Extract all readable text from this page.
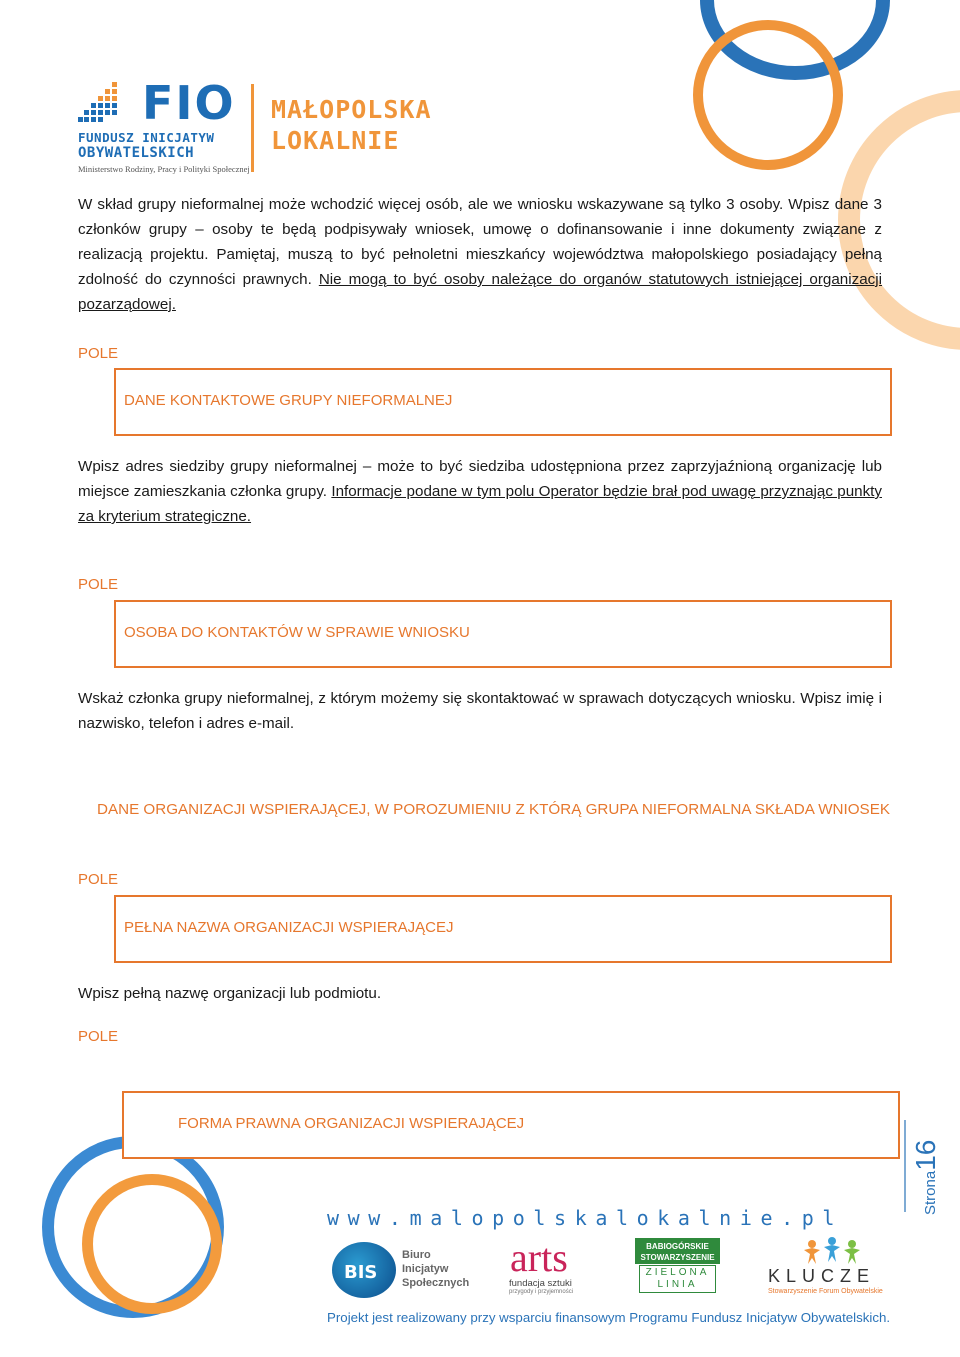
FIO
FUNDUSZ INICJATYW
OBYWATELSKICH
Ministerstwo Rodziny, Pracy i Polityki Społecznej
MAŁOPOLSKA
LOKALNIE

W skład grupy nieformalnej może wchodzić więcej osób, ale we wniosku wskazywane są tylko 3 osoby. Wpisz dane 3 członków grupy – osoby te będą podpisywały wniosek, umowę o dofinansowanie i inne dokumenty związane z realizacją projektu. Pamiętaj, muszą to być pełnoletni mieszkańcy województwa małopolskiego posiadający pełną zdolność do czynności prawnych. Nie mogą to być osoby należące do organów statutowych istniejącej organizacji pozarządowej.

POLE
DANE KONTAKTOWE GRUPY NIEFORMALNEJ

Wpisz adres siedziby grupy nieformalnej – może to być siedziba udostępniona przez zaprzyjaźnioną organizację lub miejsce zamieszkania członka grupy. Informacje podane w tym polu Operator będzie brał pod uwagę przyznając punkty za kryterium strategiczne.

POLE
OSOBA DO KONTAKTÓW W SPRAWIE WNIOSKU

Wskaż członka grupy nieformalnej, z którym możemy się skontaktować w sprawach dotyczących wniosku. Wpisz imię i nazwisko, telefon i adres e-mail.

DANE ORGANIZACJI WSPIERAJĄCEJ, W POROZUMIENIU Z KTÓRĄ GRUPA NIEFORMALNA SKŁADA WNIOSEK
POLE
PEŁNA NAZWA ORGANIZACJI WSPIERAJĄCEJ

Wpisz pełną nazwę organizacji lub podmiotu.

POLE
FORMA PRAWNA ORGANIZACJI WSPIERAJĄCEJ
Strona16
www.malopolskalokalnie.pl
BIS
Biuro
Inicjatyw
Społecznych
arts
fundacja sztuki
przygody i przyjemności
BABIOGÓRSKIE STOWARZYSZENIE
ZIELONA
LINIA	KLUCZE
Stowarzyszenie Forum Obywatelskie
Projekt jest realizowany przy wsparciu finansowym Programu Fundusz Inicjatyw Obywatelskich.
